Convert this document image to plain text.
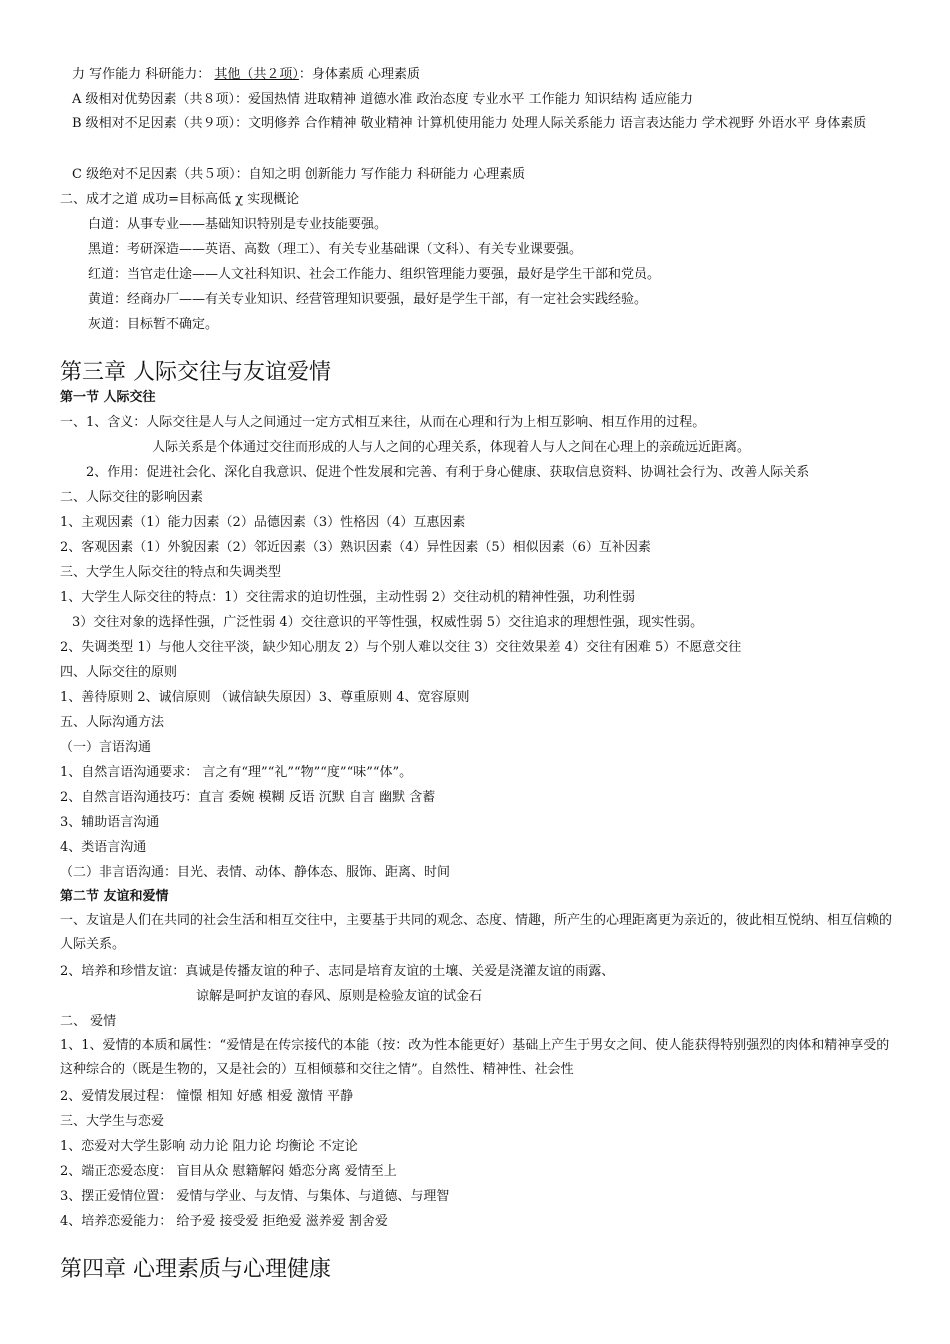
力 写作能力 科研能力： 其他（共２项）：身体素质 心理素质
A 级相对优势因素（共８项）：爱国热情 进取精神 道德水准 政治态度 专业水平 工作能力 知识结构 适应能力
B 级相对不足因素（共９项）：文明修养 合作精神 敬业精神 计算机使用能力 处理人际关系能力 语言表达能力 学术视野 外语水平 身体素质
C 级绝对不足因素（共５项）：自知之明 创新能力 写作能力 科研能力 心理素质
二、成才之道 成功=目标高低 χ 实现概论
白道：从事专业——基础知识特别是专业技能要强。
黑道：考研深造——英语、高数（理工）、有关专业基础课（文科）、有关专业课要强。
红道：当官走仕途——人文社科知识、社会工作能力、组织管理能力要强，最好是学生干部和党员。
黄道：经商办厂——有关专业知识、经营管理知识要强，最好是学生干部，有一定社会实践经验。
灰道：目标暂不确定。
第三章 人际交往与友谊爱情
第一节 人际交往
一、1、含义：人际交往是人与人之间通过一定方式相互来往，从而在心理和行为上相互影响、相互作用的过程。
人际关系是个体通过交往而形成的人与人之间的心理关系，体现着人与人之间在心理上的亲疏远近距离。
2、作用：促进社会化、深化自我意识、促进个性发展和完善、有利于身心健康、获取信息资料、协调社会行为、改善人际关系
二、人际交往的影响因素
1、主观因素（1）能力因素（2）品德因素（3）性格因（4）互惠因素
2、客观因素（1）外貌因素（2）邻近因素（3）熟识因素（4）异性因素（5）相似因素（6）互补因素
三、大学生人际交往的特点和失调类型
1、大学生人际交往的特点：1）交往需求的迫切性强，主动性弱 2）交往动机的精神性强，功利性弱
3）交往对象的选择性强，广泛性弱 4）交往意识的平等性强，权威性弱 5）交往追求的理想性强，现实性弱。
2、失调类型 1）与他人交往平淡，缺少知心朋友 2）与个别人难以交往 3）交往效果差 4）交往有困难 5）不愿意交往
四、人际交往的原则
1、善待原则 2、诚信原则 （诚信缺失原因）3、尊重原则 4、宽容原则
五、人际沟通方法
（一）言语沟通
1、自然言语沟通要求： 言之有“理”“礼”“物”“度”“味”“体”。
2、自然言语沟通技巧：直言 委婉 模糊 反语 沉默 自言 幽默 含蓄
3、辅助语言沟通
4、类语言沟通
（二）非言语沟通：目光、表情、动体、静体态、服饰、距离、时间
第二节 友谊和爱情
一、友谊是人们在共同的社会生活和相互交往中，主要基于共同的观念、态度、情趣，所产生的心理距离更为亲近的，彼此相互悦纳、相互信赖的人际关系。
2、培养和珍惜友谊：真诚是传播友谊的种子、志同是培育友谊的土壤、关爱是浇灌友谊的雨露、
谅解是呵护友谊的春风、原则是检验友谊的试金石
二、 爱情
1、1、爱情的本质和属性：“爱情是在传宗接代的本能（按：改为性本能更好）基础上产生于男女之间、使人能获得特别强烈的肉体和精神享受的这种综合的（既是生物的，又是社会的）互相倾慕和交往之情”。自然性、精神性、社会性
2、爱情发展过程： 憧憬 相知 好感 相爱 激情 平静
三、大学生与恋爱
1、恋爱对大学生影响 动力论 阻力论 均衡论 不定论
2、端正恋爱态度： 盲目从众 慰籍解闷 婚恋分离 爱情至上
3、摆正爱情位置： 爱情与学业、与友情、与集体、与道德、与理智
4、培养恋爱能力： 给予爱 接受爱 拒绝爱 滋养爱 割舍爱
第四章 心理素质与心理健康
